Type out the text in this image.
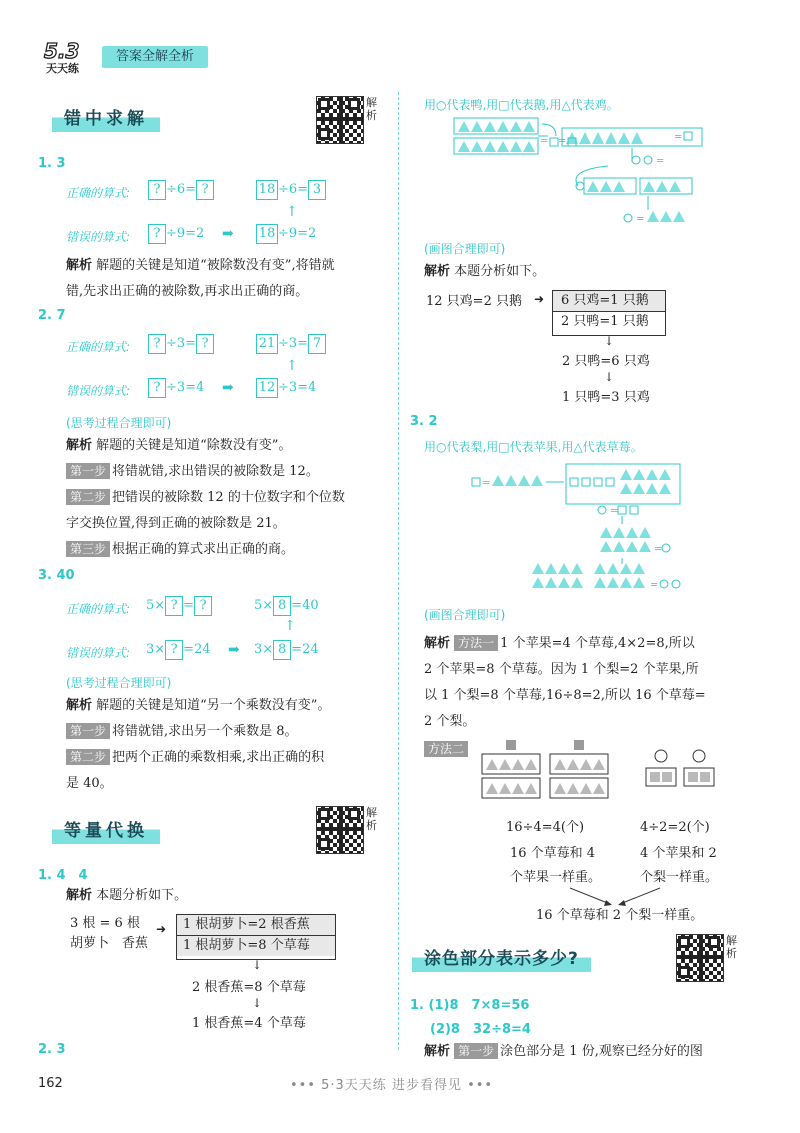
5.3
天天练
答案全解全析
错中求解
解析
1. 3
正确的算式:	? ÷6= ?	18 ÷6= 3
↑
错误的算式:	? ÷9=2 ➡ 18 ÷9=2
解析 解题的关键是知道“被除数没有变”,将错就
错,先求出正确的被除数,再求出正确的商。
2. 7
正确的算式:	? ÷3= ?	21 ÷3= 7
↑
错误的算式:	? ÷3=4 ➡ 12 ÷3=4
(思考过程合理即可)
解析 解题的关键是知道“除数没有变”。
第一步 将错就错,求出错误的被除数是 12。
第二步 把错误的被除数 12 的十位数字和个位数
字交换位置,得到正确的被除数是 21。
第三步 根据正确的算式求出正确的商。
3. 40
正确的算式: 5× ? = ?	5× 8 =40
↑
错误的算式: 3× ? =24 ➡ 3× 8 =24
(思考过程合理即可)
解析 解题的关键是知道“另一个乘数没有变”。
第一步 将错就错,求出另一个乘数是 8。
第二步 把两个正确的乘数相乘,求出正确的积
是 40。
等量代换
解析
1. 4　4
解析 本题分析如下。
3 根 = 6 根
胡萝卜　香蕉
➜	1 根胡萝卜=2 根香蕉
1 根胡萝卜=8 个草莓
↓
2 根香蕉=8 个草莓
↓
1 根香蕉=4 个草莓
2. 3
用○代表鸭,用□代表鹅,用△代表鸡。
= =	=
=
=
(画图合理即可)
解析 本题分析如下。
12 只鸡=2 只鹅 ➜	6 只鸡=1 只鹅
2 只鸭=1 只鹅
↓
2 只鸭=6 只鸡
↓
1 只鸭=3 只鸡
3. 2
用○代表梨,用□代表苹果,用△代表草莓。
=
=
=
=
(画图合理即可)
解析 方法一 1 个苹果=4 个草莓,4×2=8,所以
2 个苹果=8 个草莓。因为 1 个梨=2 个苹果,所
以 1 个梨=8 个草莓,16÷8=2,所以 16 个草莓=
2 个梨。
方法二
16÷4=4(个)	4÷2=2(个)
16 个草莓和 4
个苹果一样重。
4 个苹果和 2
个梨一样重。
16 个草莓和 2 个梨一样重。
涂色部分表示多少?
解析
1. (1)8　7×8=56
(2)8　32÷8=4
解析 第一步 涂色部分是 1 份,观察已经分好的图
162	••• 5·3天天练 进步看得见 •••
